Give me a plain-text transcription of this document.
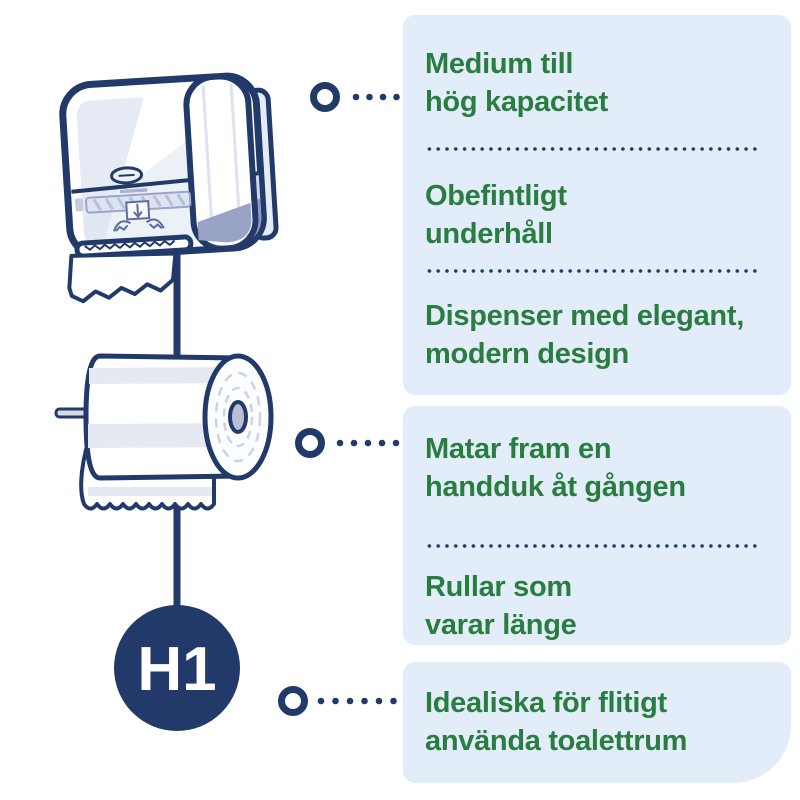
H1

Medium till
hög kapacitet

Obefintligt
underhåll

Dispenser med elegant,
modern design

Matar fram en
handduk åt gången

Rullar som
varar länge

Idealiska för flitigt
använda toalettrum
